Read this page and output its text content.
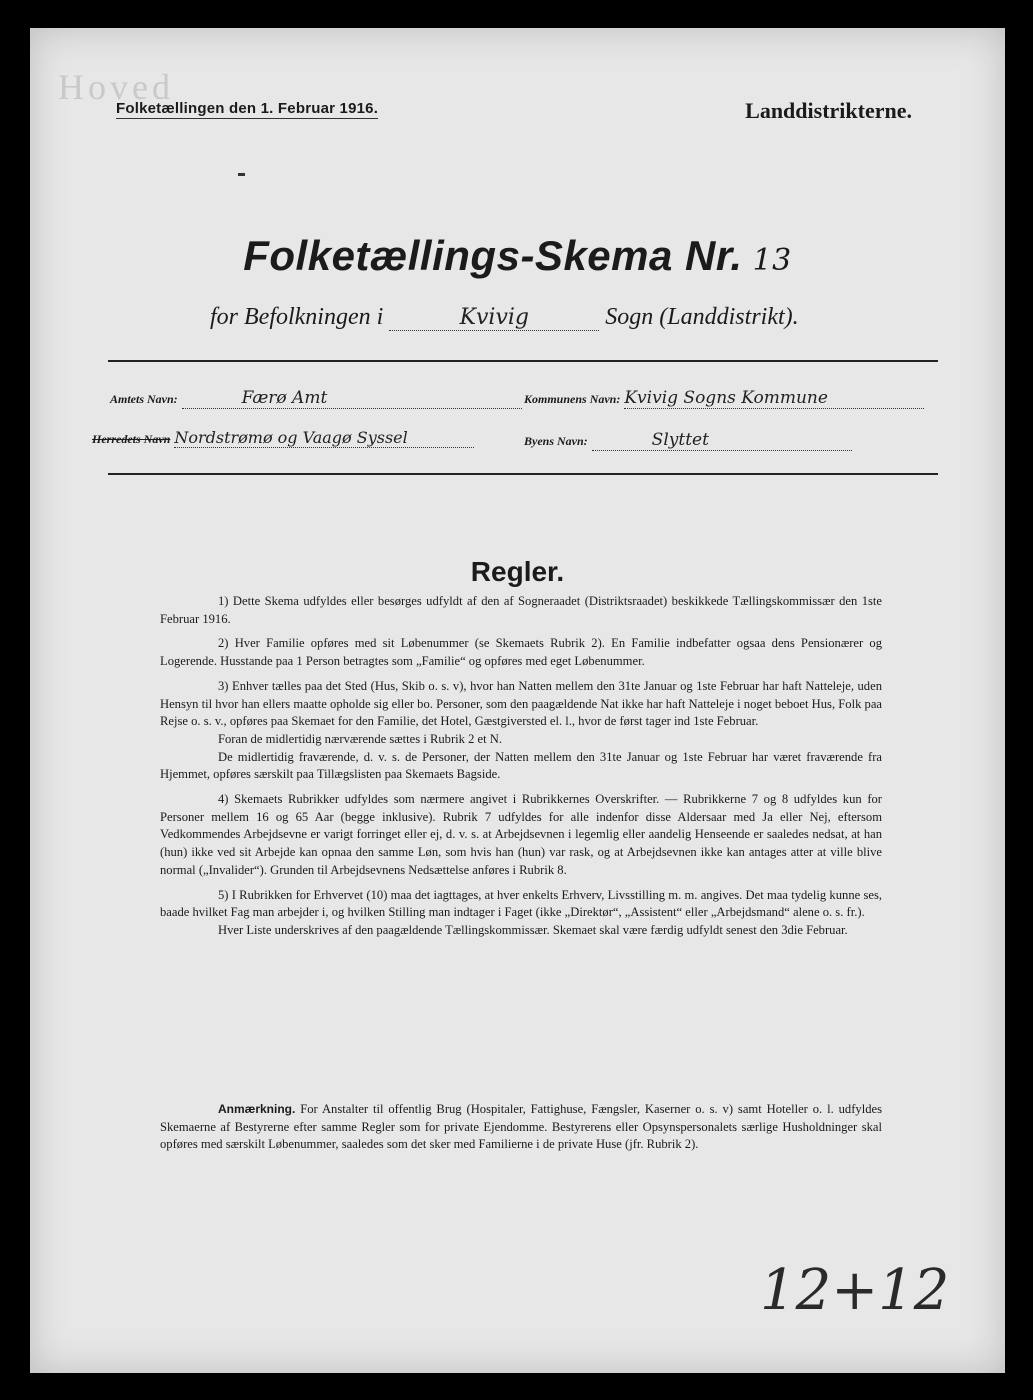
Hoved
Folketællingen den 1. Februar 1916.	Landdistrikterne.
Folketællings-Skema Nr. 13
for Befolkningen i	Kvivig	Sogn (Landdistrikt).
Amtets Navn:	Færø Amt	Kommunens Navn: Kvivig Sogns Kommune
Herredets Navn Nordstrømø og Vaagø Syssel	Byens Navn:	Slyttet
Regler.

1) Dette Skema udfyldes eller besørges udfyldt af den af Sogneraadet (Distriktsraadet) beskikkede Tællingskommissær den 1ste Februar 1916.

2) Hver Familie opføres med sit Løbenummer (se Skemaets Rubrik 2). En Familie indbefatter ogsaa dens Pensionærer og Logerende. Husstande paa 1 Person betragtes som „Familie“ og opføres med eget Løbenummer.

3) Enhver tælles paa det Sted (Hus, Skib o. s. v), hvor han Natten mellem den 31te Januar og 1ste Februar har haft Natteleje, uden Hensyn til hvor han ellers maatte opholde sig eller bo. Personer, som den paagældende Nat ikke har haft Natteleje i noget beboet Hus, Folk paa Rejse o. s. v., opføres paa Skemaet for den Familie, det Hotel, Gæstgiversted el. l., hvor de først tager ind 1ste Februar.

Foran de midlertidig nærværende sættes i Rubrik 2 et N.

De midlertidig fraværende, d. v. s. de Personer, der Natten mellem den 31te Januar og 1ste Februar har været fraværende fra Hjemmet, opføres særskilt paa Tillægslisten paa Skemaets Bagside.

4) Skemaets Rubrikker udfyldes som nærmere angivet i Rubrikkernes Overskrifter. — Rubrikkerne 7 og 8 udfyldes kun for Personer mellem 16 og 65 Aar (begge inklusive). Rubrik 7 udfyldes for alle indenfor disse Aldersaar med Ja eller Nej, eftersom Vedkommendes Arbejdsevne er varigt forringet eller ej, d. v. s. at Arbejdsevnen i legemlig eller aandelig Henseende er saaledes nedsat, at han (hun) ikke ved sit Arbejde kan opnaa den samme Løn, som hvis han (hun) var rask, og at Arbejdsevnen ikke kan antages atter at ville blive normal („Invalider“). Grunden til Arbejdsevnens Nedsættelse anføres i Rubrik 8.

5) I Rubrikken for Erhvervet (10) maa det iagttages, at hver enkelts Erhverv, Livsstilling m. m. angives. Det maa tydelig kunne ses, baade hvilket Fag man arbejder i, og hvilken Stilling man indtager i Faget (ikke „Direktør“, „Assistent“ eller „Arbejdsmand“ alene o. s. fr.).

Hver Liste underskrives af den paagældende Tællingskommissær. Skemaet skal være færdig udfyldt senest den 3die Februar.

Anmærkning. For Anstalter til offentlig Brug (Hospitaler, Fattighuse, Fængsler, Kaserner o. s. v) samt Hoteller o. l. udfyldes Skemaerne af Bestyrerne efter samme Regler som for private Ejendomme. Bestyrerens eller Opsynspersonalets særlige Husholdninger skal opføres med særskilt Løbenummer, saaledes som det sker med Familierne i de private Huse (jfr. Rubrik 2).

12+12
